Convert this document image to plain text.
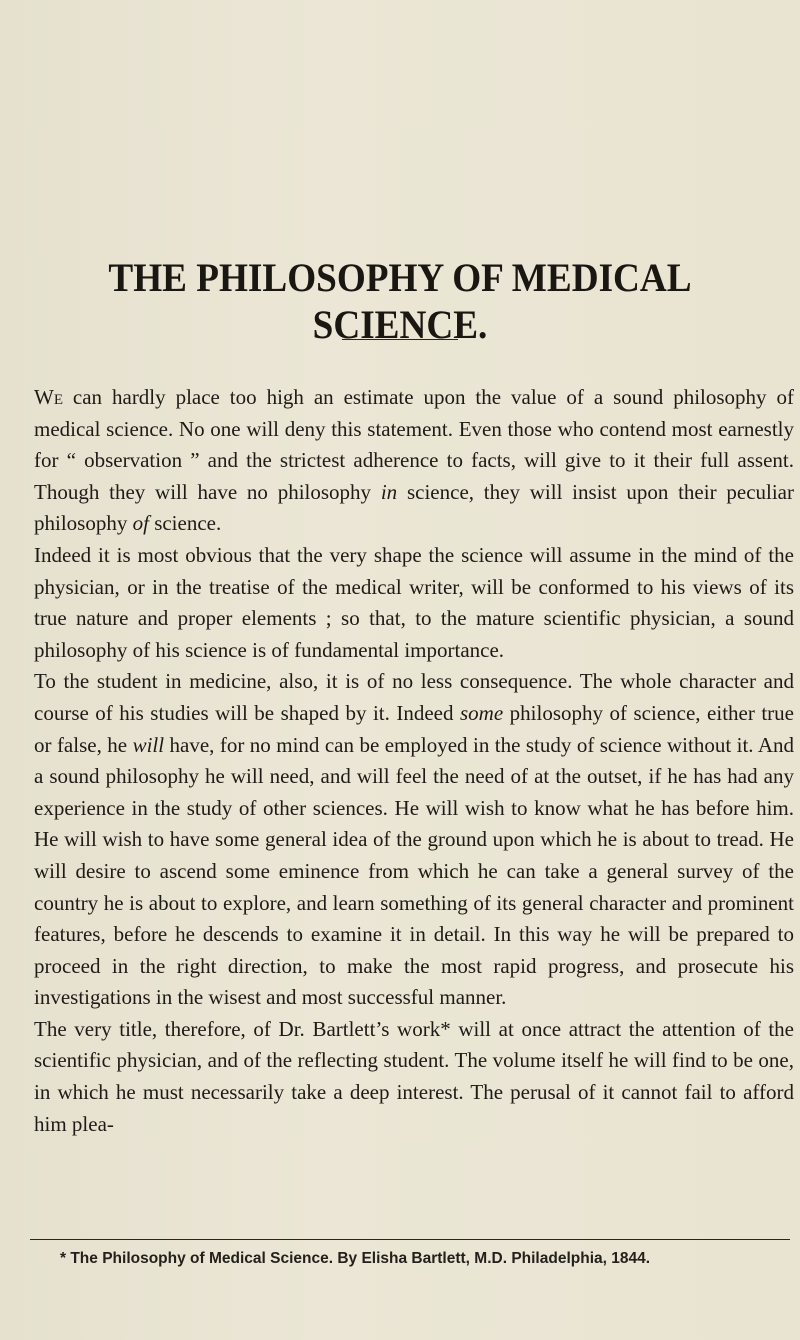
THE PHILOSOPHY OF MEDICAL SCIENCE.

We can hardly place too high an estimate upon the value of a sound philosophy of medical science. No one will deny this statement. Even those who contend most earnestly for “ observation ” and the strictest adherence to facts, will give to it their full assent. Though they will have no philosophy in science, they will insist upon their peculiar philosophy of science.

Indeed it is most obvious that the very shape the science will assume in the mind of the physician, or in the treatise of the medical writer, will be conformed to his views of its true nature and proper elements ; so that, to the mature scientific physician, a sound philosophy of his science is of fundamental importance.

To the student in medicine, also, it is of no less consequence. The whole character and course of his studies will be shaped by it. Indeed some philosophy of science, either true or false, he will have, for no mind can be employed in the study of science without it. And a sound philosophy he will need, and will feel the need of at the outset, if he has had any experience in the study of other sciences. He will wish to know what he has before him. He will wish to have some general idea of the ground upon which he is about to tread. He will desire to ascend some eminence from which he can take a general survey of the country he is about to explore, and learn something of its general character and prominent features, before he descends to examine it in detail. In this way he will be prepared to proceed in the right direction, to make the most rapid progress, and prosecute his investigations in the wisest and most successful manner.

The very title, therefore, of Dr. Bartlett’s work* will at once attract the attention of the scientific physician, and of the reflecting student. The volume itself he will find to be one, in which he must necessarily take a deep interest. The perusal of it cannot fail to afford him plea-

* The Philosophy of Medical Science. By Elisha Bartlett, M.D. Philadelphia, 1844.
